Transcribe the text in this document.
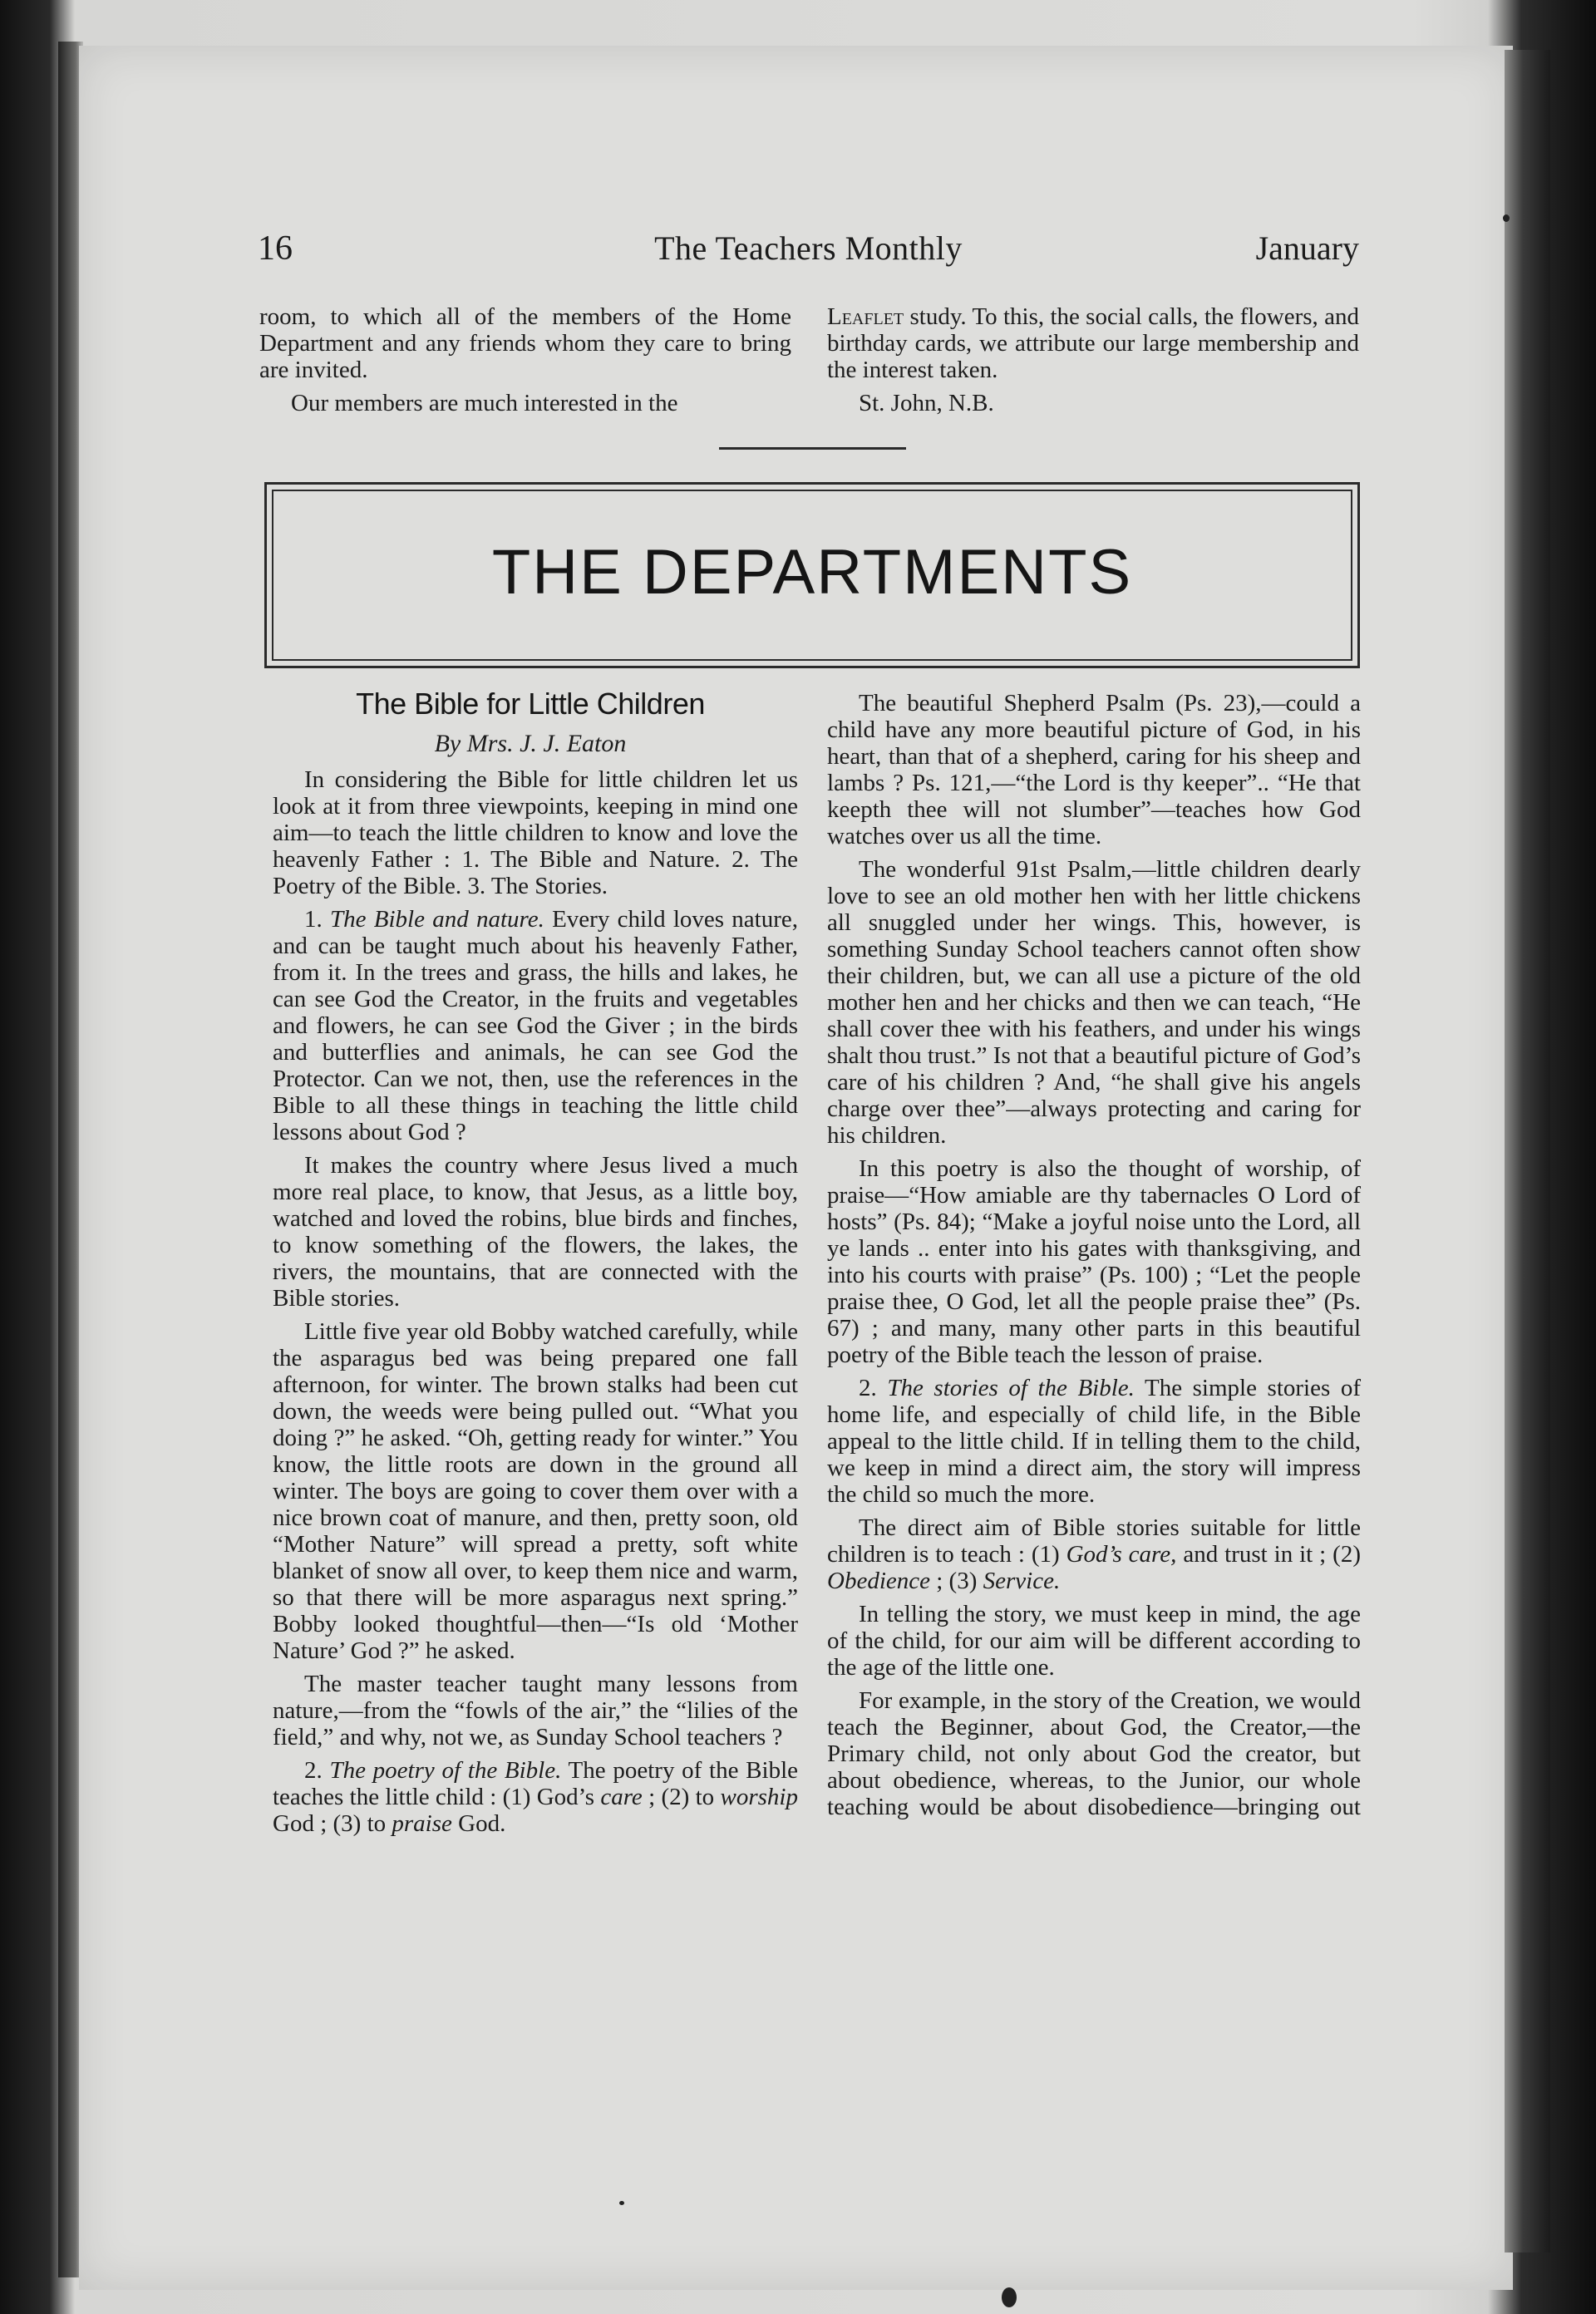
16	The Teachers Monthly	January

room, to which all of the members of the Home Department and any friends whom they care to bring are invited.

Our members are much interested in the

Leaflet study. To this, the social calls, the flowers, and birthday cards, we attribute our large membership and the interest taken.

St. John, N.B.

THE DEPARTMENTS
The Bible for Little Children
By Mrs. J. J. Eaton

In considering the Bible for little children let us look at it from three viewpoints, keeping in mind one aim—to teach the little children to know and love the heavenly Father : 1. The Bible and Nature. 2. The Poetry of the Bible. 3. The Stories.

1. The Bible and nature. Every child loves nature, and can be taught much about his heavenly Father, from it. In the trees and grass, the hills and lakes, he can see God the Creator, in the fruits and vegetables and flowers, he can see God the Giver ; in the birds and butterflies and animals, he can see God the Protector. Can we not, then, use the references in the Bible to all these things in teaching the little child lessons about God ?

It makes the country where Jesus lived a much more real place, to know, that Jesus, as a little boy, watched and loved the robins, blue birds and finches, to know something of the flowers, the lakes, the rivers, the mountains, that are connected with the Bible stories.

Little five year old Bobby watched carefully, while the asparagus bed was being prepared one fall afternoon, for winter. The brown stalks had been cut down, the weeds were being pulled out. “What you doing ?” he asked. “Oh, getting ready for winter.” You know, the little roots are down in the ground all winter. The boys are going to cover them over with a nice brown coat of manure, and then, pretty soon, old “Mother Nature” will spread a pretty, soft white blanket of snow all over, to keep them nice and warm, so that there will be more asparagus next spring.” Bobby looked thoughtful—then—“Is old ‘Mother Nature’ God ?” he asked.

The master teacher taught many lessons from nature,—from the “fowls of the air,” the “lilies of the field,” and why, not we, as Sunday School teachers ?

2. The poetry of the Bible. The poetry of the Bible teaches the little child : (1) God’s care ; (2) to worship God ; (3) to praise God.

The beautiful Shepherd Psalm (Ps. 23),—could a child have any more beautiful picture of God, in his heart, than that of a shepherd, caring for his sheep and lambs ? Ps. 121,—“the Lord is thy keeper”.. “He that keepth thee will not slumber”—teaches how God watches over us all the time.

The wonderful 91st Psalm,—little children dearly love to see an old mother hen with her little chickens all snuggled under her wings. This, however, is something Sunday School teachers cannot often show their children, but, we can all use a picture of the old mother hen and her chicks and then we can teach, “He shall cover thee with his feathers, and under his wings shalt thou trust.” Is not that a beautiful picture of God’s care of his children ? And, “he shall give his angels charge over thee”—always protecting and caring for his children.

In this poetry is also the thought of worship, of praise—“How amiable are thy tabernacles O Lord of hosts” (Ps. 84); “Make a joyful noise unto the Lord, all ye lands .. enter into his gates with thanksgiving, and into his courts with praise” (Ps. 100) ; “Let the people praise thee, O God, let all the people praise thee” (Ps. 67) ; and many, many other parts in this beautiful poetry of the Bible teach the lesson of praise.

2. The stories of the Bible. The simple stories of home life, and especially of child life, in the Bible appeal to the little child. If in telling them to the child, we keep in mind a direct aim, the story will impress the child so much the more.

The direct aim of Bible stories suitable for little children is to teach : (1) God’s care, and trust in it ; (2) Obedience ; (3) Service.

In telling the story, we must keep in mind, the age of the child, for our aim will be different according to the age of the little one.

For example, in the story of the Creation, we would teach the Beginner, about God, the Creator,—the Primary child, not only about God the creator, but about obedience, whereas, to the Junior, our whole teaching would be about disobedience—bringing out
